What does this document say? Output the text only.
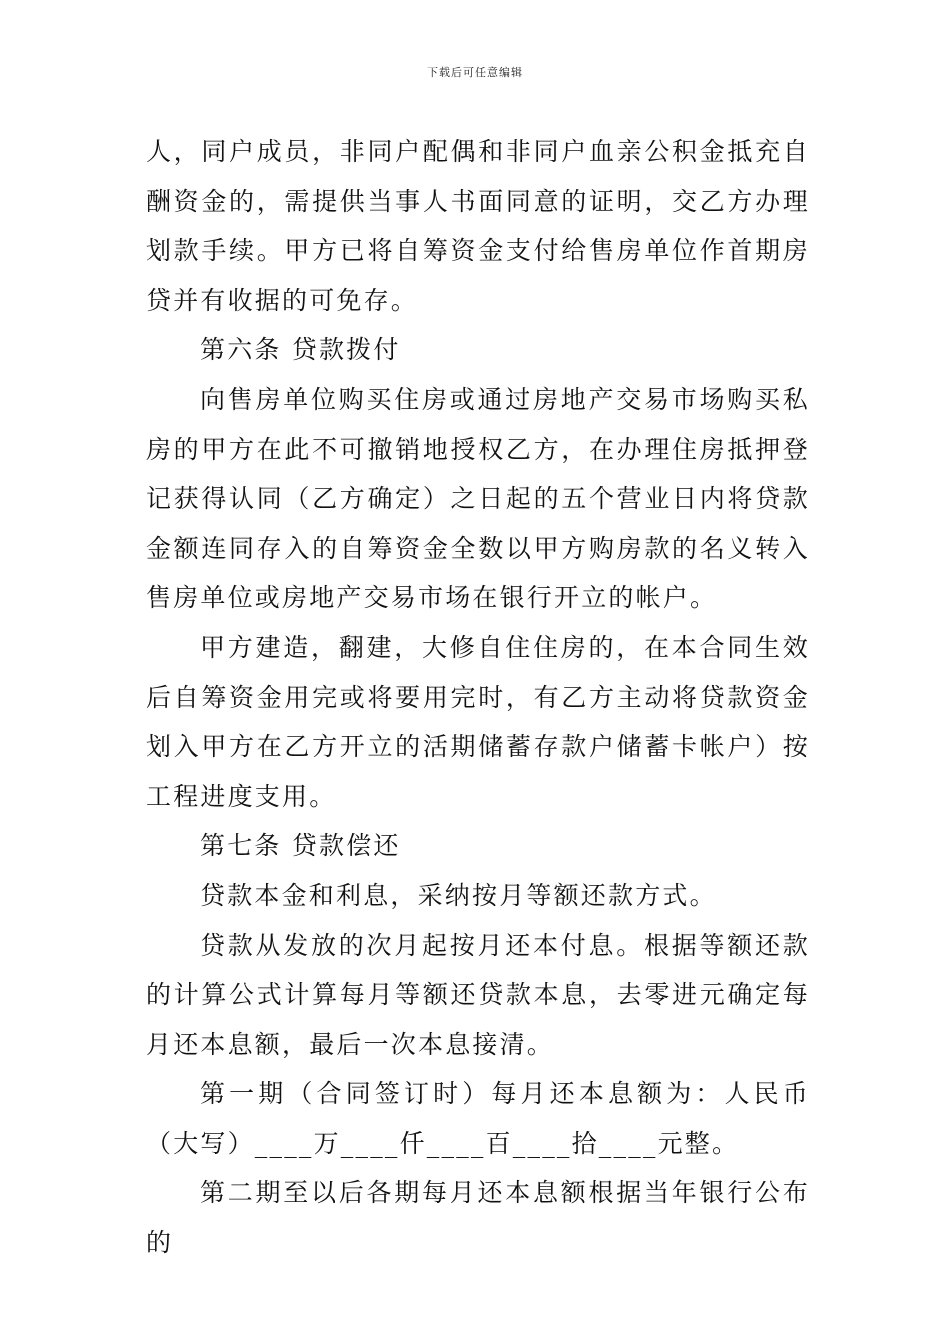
下载后可任意编辑

人，同户成员，非同户配偶和非同户血亲公积金抵充自酬资金的，需提供当事人书面同意的证明，交乙方办理划款手续。甲方已将自筹资金支付给售房单位作首期房贷并有收据的可免存。

第六条 贷款拨付

向售房单位购买住房或通过房地产交易市场购买私房的甲方在此不可撤销地授权乙方，在办理住房抵押登记获得认同（乙方确定）之日起的五个营业日内将贷款金额连同存入的自筹资金全数以甲方购房款的名义转入售房单位或房地产交易市场在银行开立的帐户。

甲方建造，翻建，大修自住住房的，在本合同生效后自筹资金用完或将要用完时，有乙方主动将贷款资金划入甲方在乙方开立的活期储蓄存款户储蓄卡帐户）按工程进度支用。

第七条 贷款偿还

贷款本金和利息，采纳按月等额还款方式。

贷款从发放的次月起按月还本付息。根据等额还款的计算公式计算每月等额还贷款本息，去零进元确定每月还本息额，最后一次本息接清。

第一期（合同签订时）每月还本息额为：人民币（大写）____万____仟____百____拾____元整。

第二期至以后各期每月还本息额根据当年银行公布的
